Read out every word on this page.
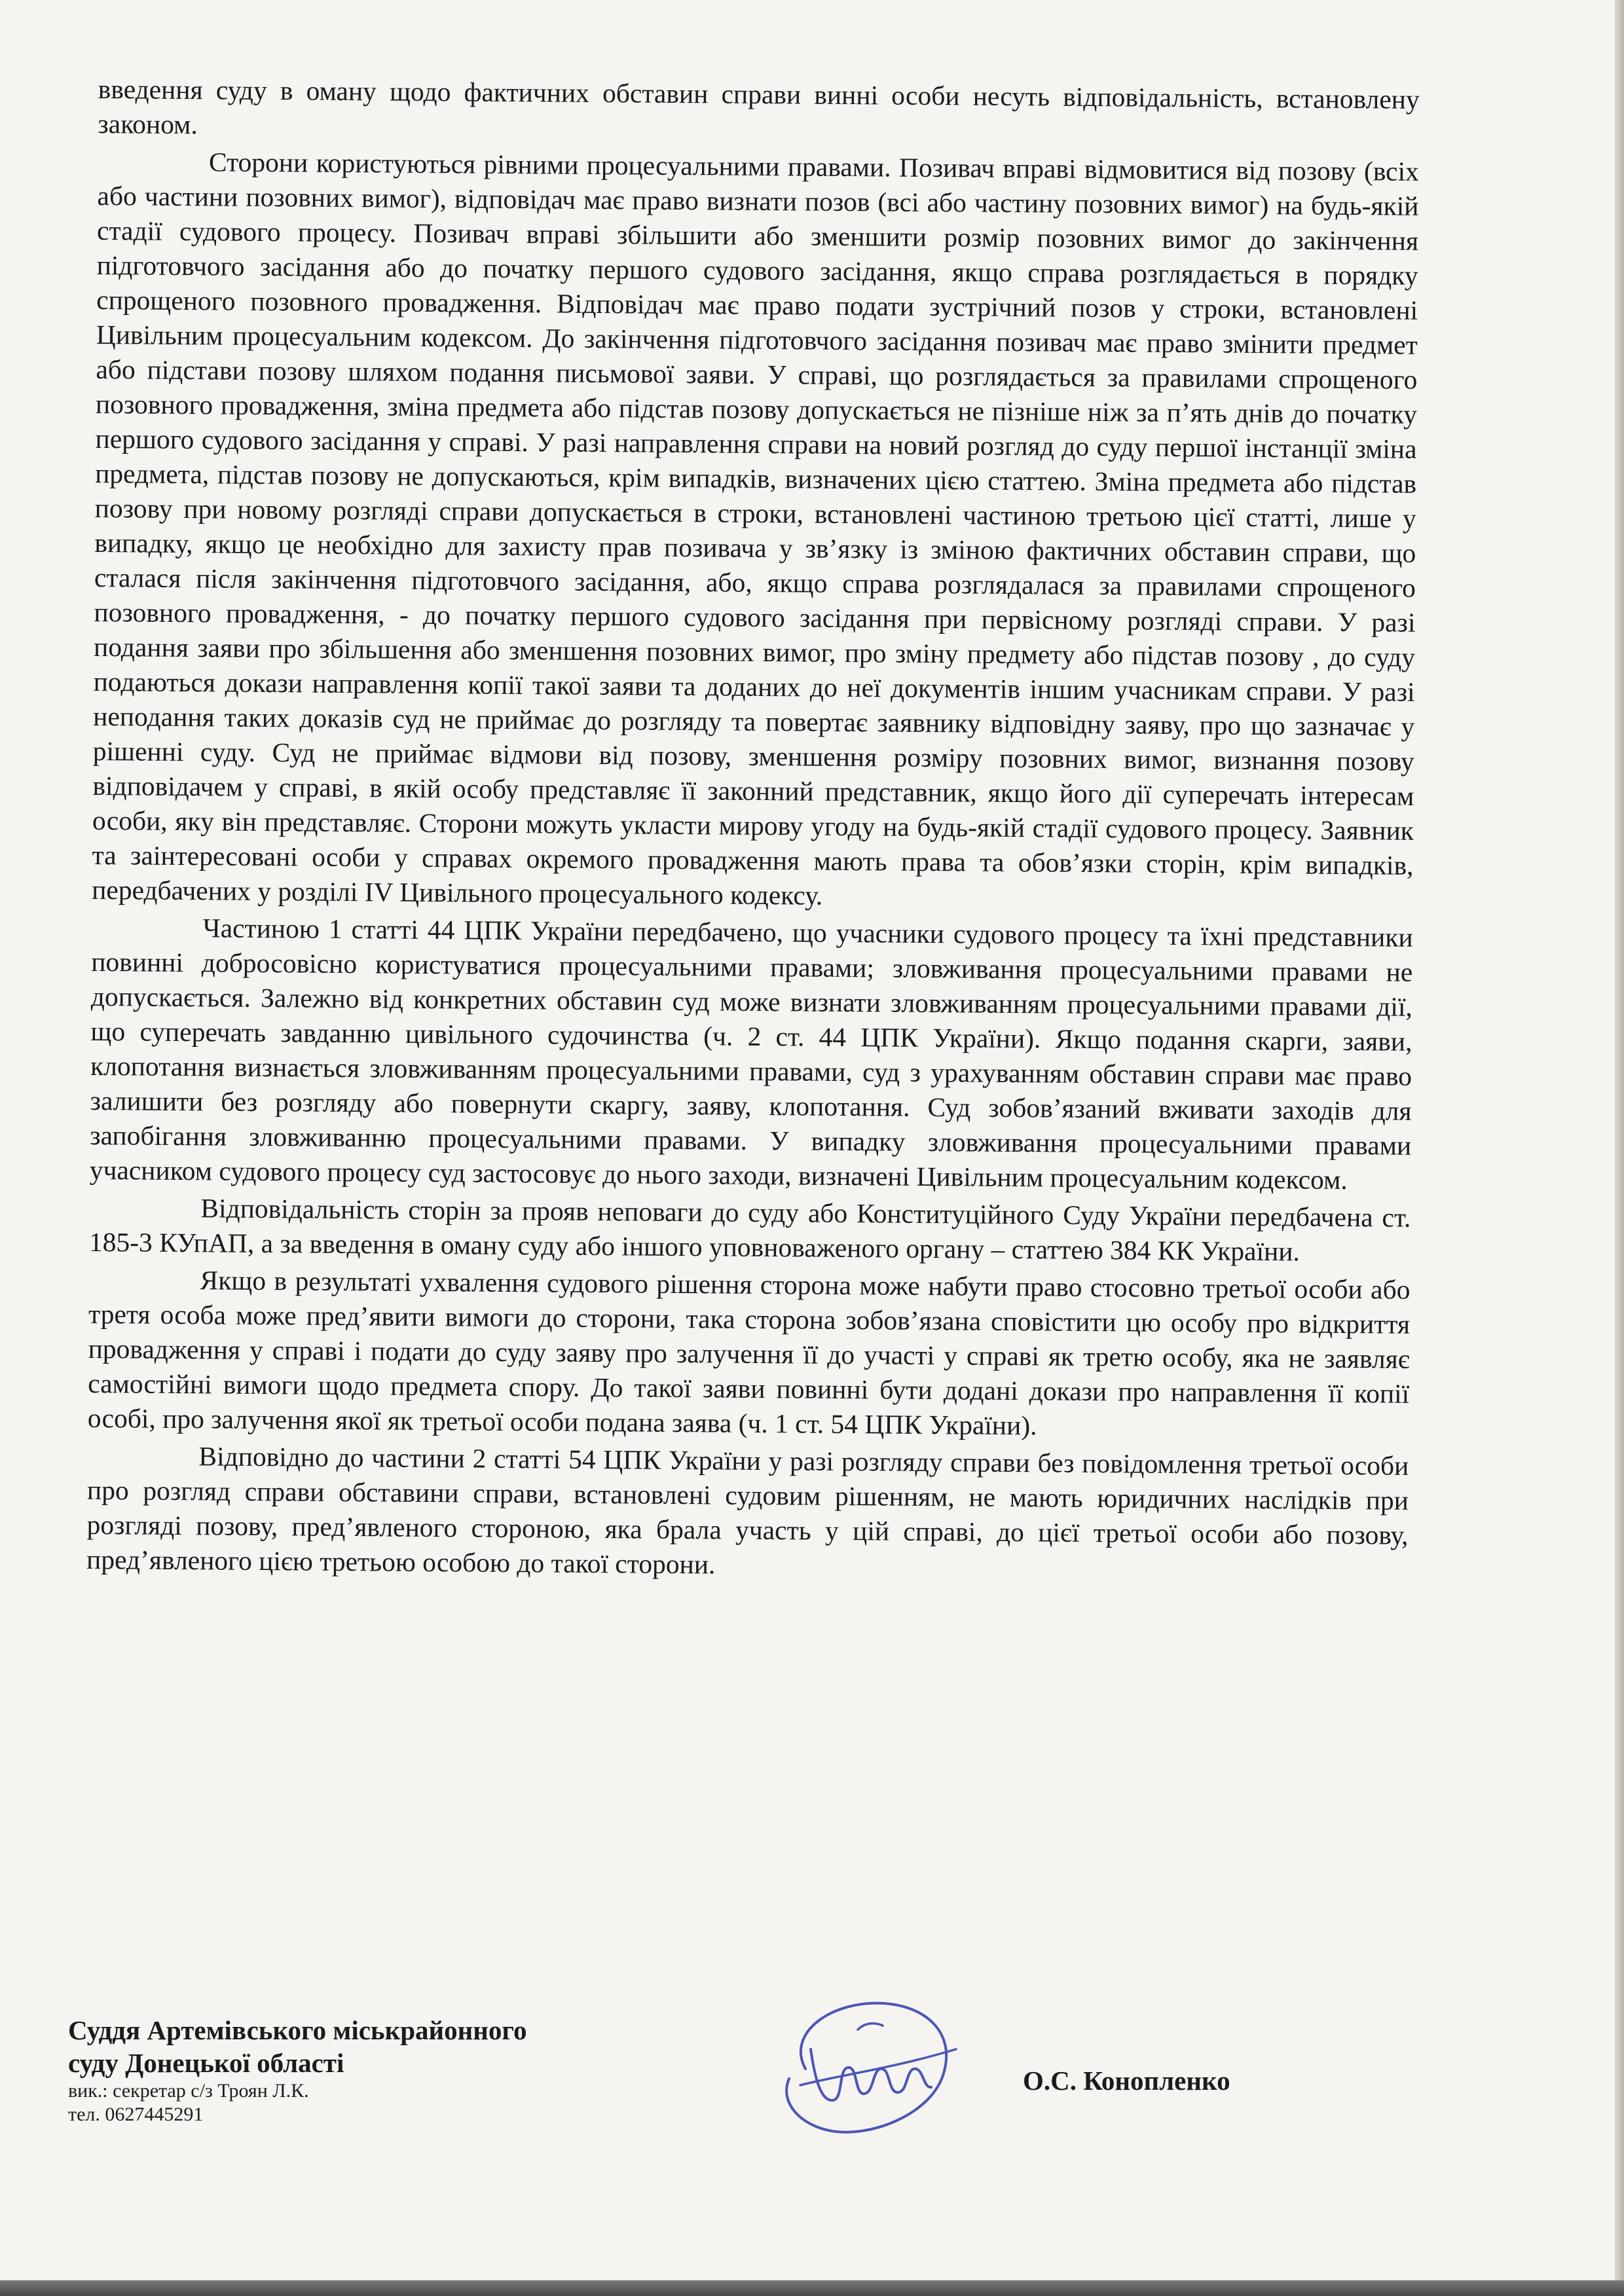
введення суду в оману щодо фактичних обставин справи винні особи несуть відповідальність, встановлену законом.

Сторони користуються рівними процесуальними правами. Позивач вправі відмовитися від позову (всіх або частини позовних вимог), відповідач має право визнати позов (всі або частину позовних вимог) на будь-якій стадії судового процесу. Позивач вправі збільшити або зменшити розмір позовних вимог до закінчення підготовчого засідання або до початку першого судового засідання, якщо справа розглядається в порядку спрощеного позовного провадження. Відповідач має право подати зустрічний позов у строки, встановлені Цивільним процесуальним кодексом. До закінчення підготовчого засідання позивач має право змінити предмет або підстави позову шляхом подання письмової заяви. У справі, що розглядається за правилами спрощеного позовного провадження, зміна предмета або підстав позову допускається не пізніше ніж за п’ять днів до початку першого судового засідання у справі. У разі направлення справи на новий розгляд до суду першої інстанції зміна предмета, підстав позову не допускаються, крім випадків, визначених цією статтею. Зміна предмета або підстав позову при новому розгляді справи допускається в строки, встановлені частиною третьою цієї статті, лише у випадку, якщо це необхідно для захисту прав позивача у зв’язку із зміною фактичних обставин справи, що сталася після закінчення підготовчого засідання, або, якщо справа розглядалася за правилами спрощеного позовного провадження, - до початку першого судового засідання при первісному розгляді справи. У разі подання заяви про збільшення або зменшення позовних вимог, про зміну предмету або підстав позову , до суду подаються докази направлення копії такої заяви та доданих до неї документів іншим учасникам справи. У разі неподання таких доказів суд не приймає до розгляду та повертає заявнику відповідну заяву, про що зазначає у рішенні суду. Суд не приймає відмови від позову, зменшення розміру позовних вимог, визнання позову відповідачем у справі, в якій особу представляє її законний представник, якщо його дії суперечать інтересам особи, яку він представляє. Сторони можуть укласти мирову угоду на будь-якій стадії судового процесу. Заявник та заінтересовані особи у справах окремого провадження мають права та обов’язки сторін, крім випадків, передбачених у розділі IV Цивільного процесуального кодексу.

Частиною 1 статті 44 ЦПК України передбачено, що учасники судового процесу та їхні представники повинні добросовісно користуватися процесуальними правами; зловживання процесуальними правами не допускається. Залежно від конкретних обставин суд може визнати зловживанням процесуальними правами дії, що суперечать завданню цивільного судочинства (ч. 2 ст. 44 ЦПК України). Якщо подання скарги, заяви, клопотання визнається зловживанням процесуальними правами, суд з урахуванням обставин справи має право залишити без розгляду або повернути скаргу, заяву, клопотання. Суд зобов’язаний вживати заходів для запобігання зловживанню процесуальними правами. У випадку зловживання процесуальними правами учасником судового процесу суд застосовує до нього заходи, визначені Цивільним процесуальним кодексом.

Відповідальність сторін за прояв неповаги до суду або Конституційного Суду України передбачена ст. 185-3 КУпАП, а за введення в оману суду або іншого уповноваженого органу – статтею 384 КК України.

Якщо в результаті ухвалення судового рішення сторона може набути право стосовно третьої особи або третя особа може пред’явити вимоги до сторони, така сторона зобов’язана сповістити цю особу про відкриття провадження у справі і подати до суду заяву про залучення її до участі у справі як третю особу, яка не заявляє самостійні вимоги щодо предмета спору. До такої заяви повинні бути додані докази про направлення її копії особі, про залучення якої як третьої особи подана заява (ч. 1 ст. 54 ЦПК України).

Відповідно до частини 2 статті 54 ЦПК України у разі розгляду справи без повідомлення третьої особи про розгляд справи обставини справи, встановлені судовим рішенням, не мають юридичних наслідків при розгляді позову, пред’явленого стороною, яка брала участь у цій справі, до цієї третьої особи або позову, пред’явленого цією третьою особою до такої сторони.

Суддя Артемівського міськрайонного
суду Донецької області
вик.: секретар с/з Троян Л.К.
тел. 0627445291
О.С. Конопленко
